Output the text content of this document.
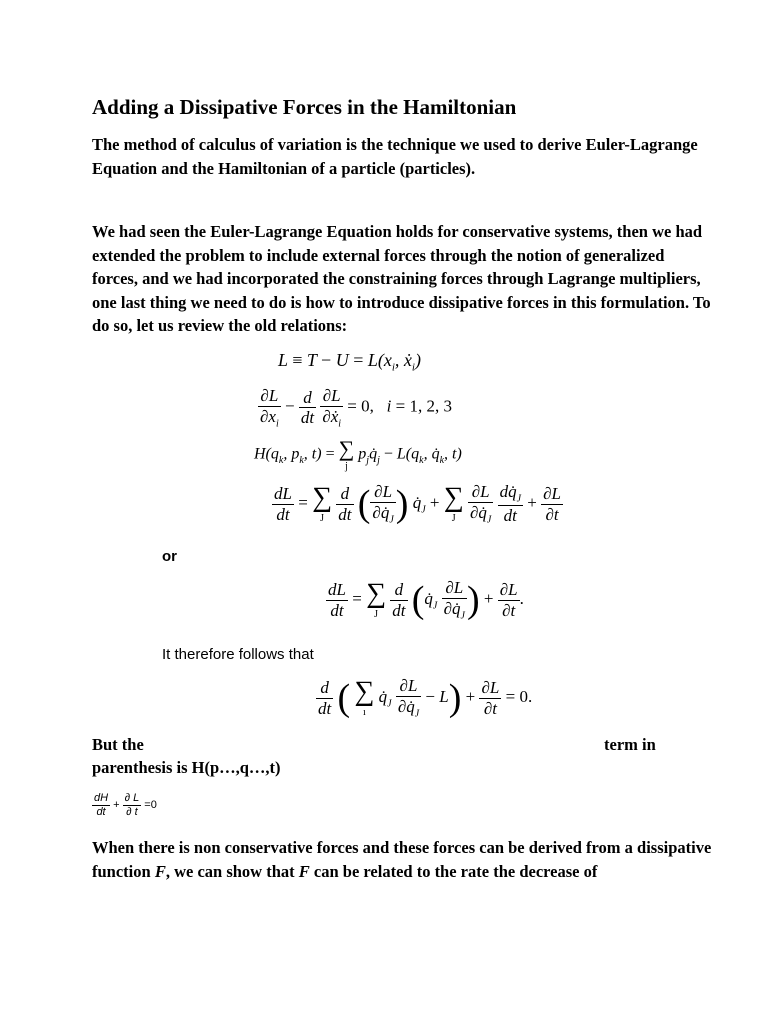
Adding a Dissipative Forces in the Hamiltonian
The method of calculus of variation is the technique we used to derive Euler-Lagrange Equation and the Hamiltonian of a particle (particles).
We had seen the Euler-Lagrange Equation holds for conservative systems, then we had extended the problem to include external forces through the notion of generalized forces, and we had incorporated the constraining forces through Lagrange multipliers, one last thing we need to do is how to introduce dissipative forces in this formulation. To do so, let us review the old relations:
$L \equiv T - U = L(x_i$, ẋ$_i$)
$\frac{\partial L}{\partial x_i} - \frac{d}{dt}$
$\frac{\partial L}{\partial ẋ_i} = 0$,   i = 1, 2, 3
$H(q_k$, $p_k$, t) = ∑
j
$p_jq̇_j - L(q_k$, $q̇_k$, t)
$\frac{dL}{dt}$ = ∑
J
$\frac{d}{dt}$ ( $\frac{\partial L}{\partial q̇_J}$ ) $q̇_J$ + ∑
J
$\frac{\partial L}{\partial q̇_J}$
$\frac{dq̇_J}{dt} + \frac{\partial L}{\partial t}$
or
$\frac{dL}{dt}$ = ∑
J
$\frac{d}{dt}$ ($q̇_J \frac{\partial L}{\partial q̇_J}$ ) + $\frac{\partial L}{\partial t}$ .
It therefore follows that
$\frac{d}{dt}$ ( ∑
ı
$q̇_J \frac{\partial L}{\partial q̇_J} - L) + \frac{\partial L}{\partial t} = 0$.
But the	term in
parenthesis is H(p…,q…,t)
$\frac{dH}{dt} + \frac{\partial L}{\partial t} =0$
When there is non conservative forces and these forces can be derived from a dissipative function F, we can show that F can be related to the rate the decrease of
